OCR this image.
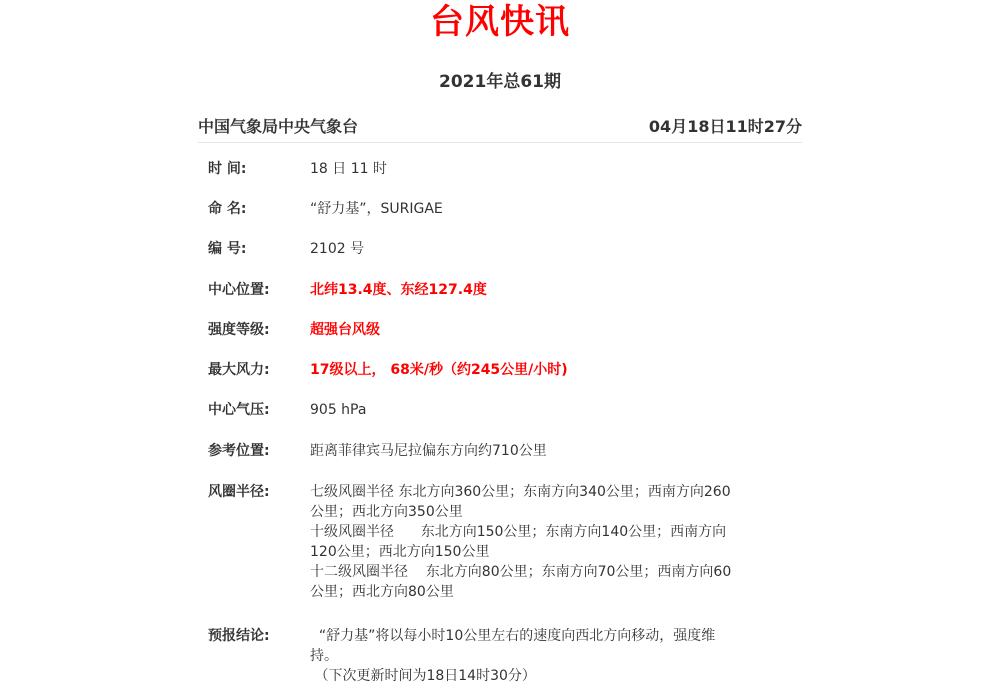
台风快讯
2021年总61期
中国气象局中央气象台	04月18日11时27分
时 间:	18 日 11 时
命 名:	“舒力基”，SURIGAE
编 号:	2102 号
中心位置:	北纬13.4度、东经127.4度
强度等级:	超强台风级
最大风力:	17级以上， 68米/秒（约245公里/小时)
中心气压:	905 hPa
参考位置:	距离菲律宾马尼拉偏东方向约710公里
风圈半径:	七级风圈半径 东北方向360公里；东南方向340公里；西南方向260
公里；西北方向350公里
十级风圈半径      东北方向150公里；东南方向140公里；西南方向
120公里；西北方向150公里
十二级风圈半径    东北方向80公里；东南方向70公里；西南方向60
公里；西北方向80公里
预报结论:	“舒力基”将以每小时10公里左右的速度向西北方向移动，强度维
持。
（下次更新时间为18日14时30分）
